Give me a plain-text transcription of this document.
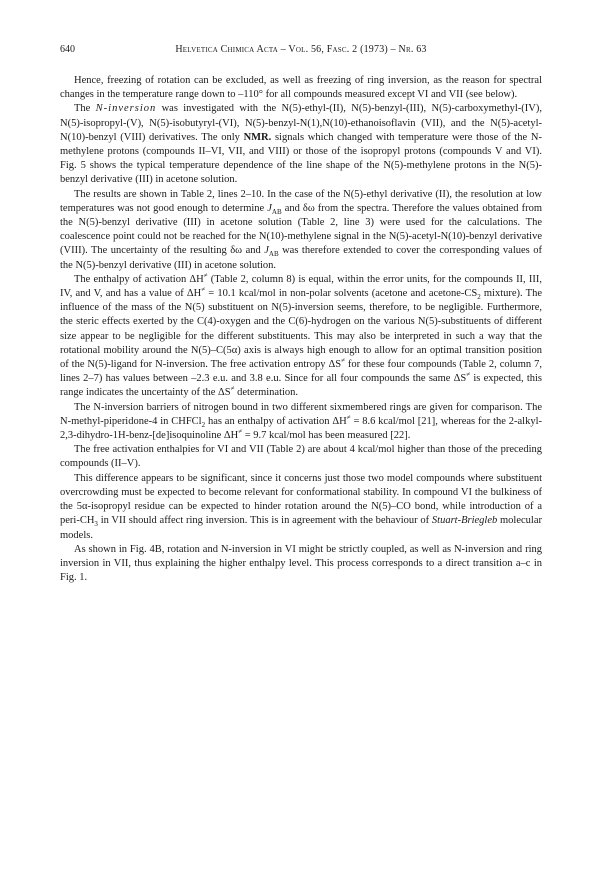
640	Helvetica Chimica Acta – Vol. 56, Fasc. 2 (1973) – Nr. 63

Hence, freezing of rotation can be excluded, as well as freezing of ring inversion, as the reason for spectral changes in the temperature range down to –110° for all compounds measured except VI and VII (see below).

The N-inversion was investigated with the N(5)-ethyl-(II), N(5)-benzyl-(III), N(5)-carboxymethyl-(IV), N(5)-isopropyl-(V), N(5)-isobutyryl-(VI), N(5)-benzyl-N(1),N(10)-ethanoisoflavin (VII), and the N(5)-acetyl-N(10)-benzyl (VIII) derivatives. The only NMR. signals which changed with temperature were those of the N-methylene protons (compounds II–VI, VII, and VIII) or those of the isopropyl protons (compounds V and VI). Fig. 5 shows the typical temperature dependence of the line shape of the N(5)-methylene protons in the N(5)-benzyl derivative (III) in acetone solution.

The results are shown in Table 2, lines 2–10. In the case of the N(5)-ethyl derivative (II), the resolution at low temperatures was not good enough to determine $J_{AB}$ and δω from the spectra. Therefore the values obtained from the N(5)-benzyl derivative (III) in acetone solution (Table 2, line 3) were used for the calculations. The coalescence point could not be reached for the N(10)-methylene signal in the N(5)-acetyl-N(10)-benzyl derivative (VIII). The uncertainty of the resulting δω and $J_{AB}$ was therefore extended to cover the corresponding values of the N(5)-benzyl derivative (III) in acetone solution.

The enthalpy of activation ΔH≠ (Table 2, column 8) is equal, within the error units, for the compounds II, III, IV, and V, and has a value of ΔH≠ = 10.1 kcal/mol in non-polar solvents (acetone and acetone-$CS_2$ mixture). The influence of the mass of the N(5) substituent on N(5)-inversion seems, therefore, to be negligible. Furthermore, the steric effects exerted by the C(4)-oxygen and the C(6)-hydrogen on the various N(5)-substituents of different size appear to be negligible for the different substituents. This may also be interpreted in such a way that the rotational mobility around the N(5)–C(5α) axis is always high enough to allow for an optimal transition position of the N(5)-ligand for N-inversion. The free activation entropy ΔS≠ for these four compounds (Table 2, column 7, lines 2–7) has values between –2.3 e.u. and 3.8 e.u. Since for all four compounds the same ΔS≠ is expected, this range indicates the uncertainty of the ΔS≠ determination.

The N-inversion barriers of nitrogen bound in two different sixmembered rings are given for comparison. The N-methyl-piperidone-4 in CHFCl$_2$ has an enthalpy of activation ΔH≠ = 8.6 kcal/mol [21], whereas for the 2-alkyl-2,3-dihydro-1H-benz-[de]isoquinoline ΔH≠ = 9.7 kcal/mol has been measured [22].

The free activation enthalpies for VI and VII (Table 2) are about 4 kcal/mol higher than those of the preceding compounds (II–V).

This difference appears to be significant, since it concerns just those two model compounds where substituent overcrowding must be expected to become relevant for conformational stability. In compound VI the bulkiness of the 5α-isopropyl residue can be expected to hinder rotation around the N(5)–CO bond, while introduction of a peri-$CH_3$ in VII should affect ring inversion. This is in agreement with the behaviour of Stuart-Briegleb molecular models.

As shown in Fig. 4B, rotation and N-inversion in VI might be strictly coupled, as well as N-inversion and ring inversion in VII, thus explaining the higher enthalpy level. This process corresponds to a direct transition a–c in Fig. 1.
